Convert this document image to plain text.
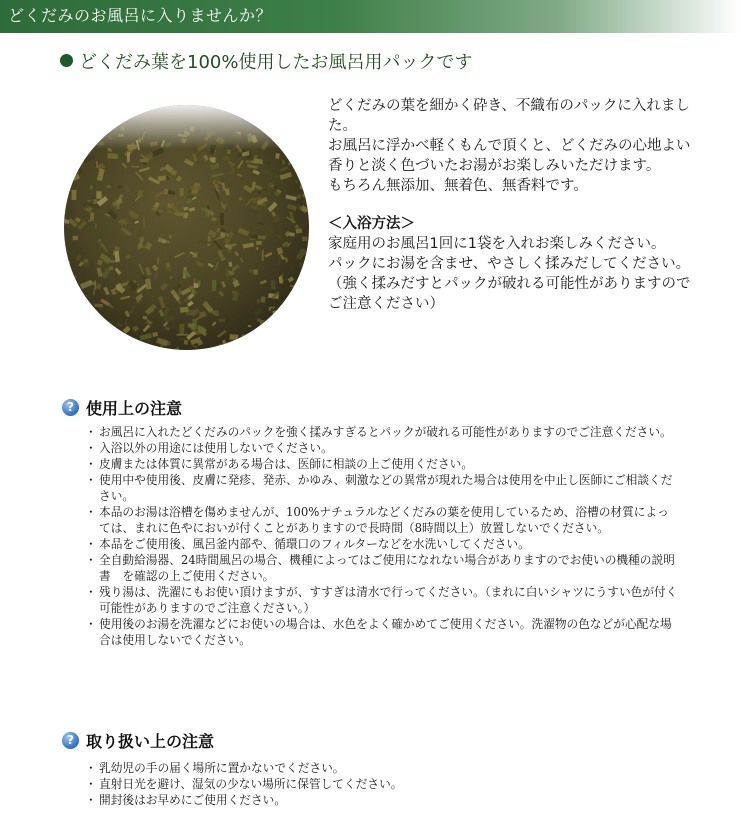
どくだみのお風呂に入りませんか？
どくだみ葉を100%使用したお風呂用パックです

どくだみの葉を細かく砕き、不織布のパックに入れました。

お風呂に浮かべ軽くもんで頂くと、どくだみの心地よい香りと淡く色づいたお湯がお楽しみいただけます。

もちろん無添加、無着色、無香料です。

＜入浴方法＞

家庭用のお風呂1回に1袋を入れお楽しみください。

パックにお湯を含ませ、やさしく揉みだしてください。（強く揉みだすとパックが破れる可能性がありますのでご注意ください）

? 使用上の注意
・ お風呂に入れたどくだみのパックを強く揉みすぎるとパックが破れる可能性がありますのでご注意ください。
・ 入浴以外の用途には使用しないでください。
・ 皮膚または体質に異常がある場合は、医師に相談の上ご使用ください。
・ 使用中や使用後、皮膚に発疹、発赤、かゆみ、刺激などの異常が現れた場合は使用を中止し医師にご相談ください。
・ 本品のお湯は浴槽を傷めませんが、100%ナチュラルなどくだみの葉を使用しているため、浴槽の材質によっては、まれに色やにおいが付くことがありますので長時間（8時間以上）放置しないでください。
・ 本品をご使用後、風呂釜内部や、循環口のフィルターなどを水洗いしてください。
・ 全自動給湯器、24時間風呂の場合、機種によってはご使用になれない場合がありますのでお使いの機種の説明書　を確認の上ご使用ください。
・ 残り湯は、洗濯にもお使い頂けますが、すすぎは清水で行ってください。（まれに白いシャツにうすい色が付く可能性がありますのでご注意ください。）
・ 使用後のお湯を洗濯などにお使いの場合は、水色をよく確かめてご使用ください。洗濯物の色などが心配な場合は使用しないでください。
? 取り扱い上の注意
・ 乳幼児の手の届く場所に置かないでください。
・ 直射日光を避け、湿気の少ない場所に保管してください。
・ 開封後はお早めにご使用ください。
